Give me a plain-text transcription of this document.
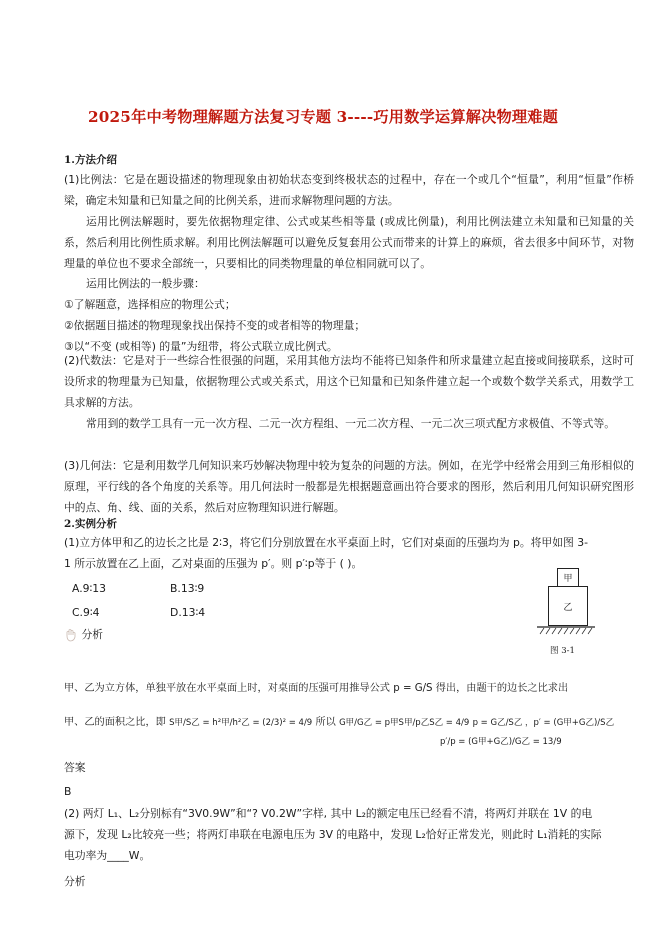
2025年中考物理解题方法复习专题 3----巧用数学运算解决物理难题
1.方法介绍
(1)比例法：它是在题设描述的物理现象由初始状态变到终极状态的过程中，存在一个或几个“恒量”，利用“恒量”作桥梁，确定未知量和已知量之间的比例关系，进而求解物理问题的方法。
运用比例法解题时，要先依据物理定律、公式或某些相等量 (或成比例量)，利用比例法建立未知量和已知量的关系，然后利用比例性质求解。利用比例法解题可以避免反复套用公式而带来的计算上的麻烦，省去很多中间环节，对物理量的单位也不要求全部统一，只要相比的同类物理量的单位相同就可以了。
运用比例法的一般步骤：
①了解题意，选择相应的物理公式；
②依据题目描述的物理现象找出保持不变的或者相等的物理量；
③以“不变 (或相等) 的量”为纽带，将公式联立成比例式。
(2)代数法：它是对于一些综合性很强的问题，采用其他方法均不能将已知条件和所求量建立起直接或间接联系，这时可设所求的物理量为已知量，依据物理公式或关系式，用这个已知量和已知条件建立起一个或数个数学关系式，用数学工具求解的方法。
常用到的数学工具有一元一次方程、二元一次方程组、一元二次方程、一元二次三项式配方求极值、不等式等。
(3)几何法：它是利用数学几何知识来巧妙解决物理中较为复杂的问题的方法。例如，在光学中经常会用到三角形相似的原理，平行线的各个角度的关系等。用几何法时一般都是先根据题意画出符合要求的图形，然后利用几何知识研究图形中的点、角、线、面的关系，然后对应物理知识进行解题。
2.实例分析
(1)立方体甲和乙的边长之比是 2∶3，将它们分别放置在水平桌面上时，它们对桌面的压强均为 p。将甲如图 3-
1 所示放置在乙上面，乙对桌面的压强为 p′。则 p′∶p等于 ( )。
A.9∶13	B.13∶9
C.9∶4	D.13∶4
分析
甲
乙
图 3-1
甲、乙为立方体，单独平放在水平桌面上时，对桌面的压强可用推导公式 p = G/S 得出，由题干的边长之比求出
甲、乙的面积之比，即 S甲/S乙 = h²甲/h²乙 = (2/3)² = 4/9 所以 G甲/G乙 = p甲S甲/p乙S乙 = 4/9 p = G乙/S乙 ，p′ = (G甲+G乙)/S乙
p′/p = (G甲+G乙)/G乙 = 13/9
答案
B
(2) 两灯 L₁、L₂分别标有“3V0.9W”和“? V0.2W”字样, 其中 L₂的额定电压已经看不清，将两灯并联在 1V 的电
源下，发现 L₂比较亮一些；将两灯串联在电源电压为 3V 的电路中，发现 L₂恰好正常发光，则此时 L₁消耗的实际
电功率为____W。
分析
